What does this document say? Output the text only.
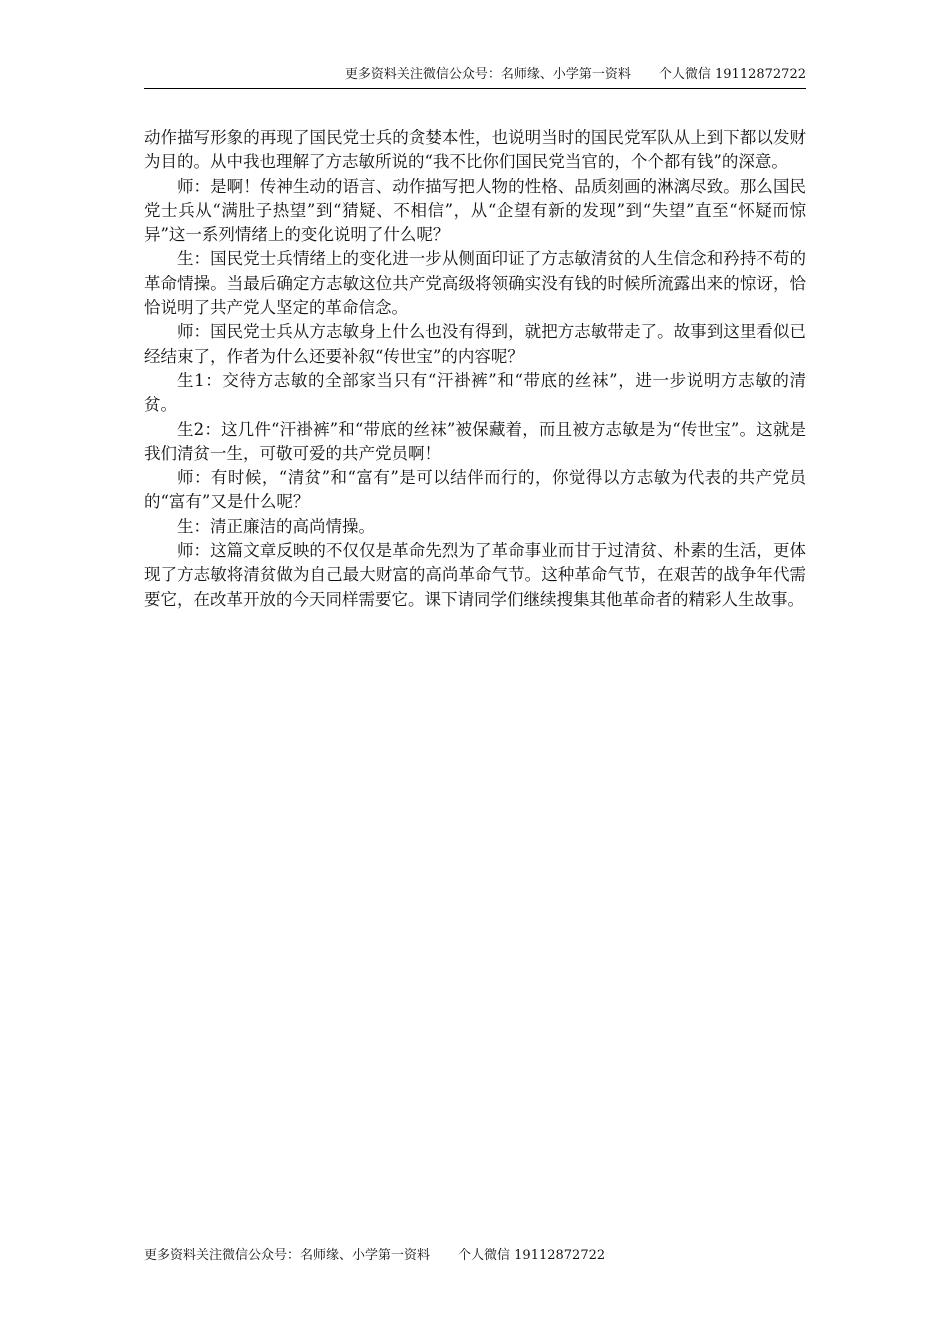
更多资料关注微信公众号：名师缘、小学第一资料 个人微信 19112872722

动作描写形象的再现了国民党士兵的贪婪本性，也说明当时的国民党军队从上到下都以发财为目的。从中我也理解了方志敏所说的“我不比你们国民党当官的，个个都有钱”的深意。

师：是啊！传神生动的语言、动作描写把人物的性格、品质刻画的淋漓尽致。那么国民党士兵从“满肚子热望”到“猜疑、不相信”，从“企望有新的发现”到“失望”直至“怀疑而惊异”这一系列情绪上的变化说明了什么呢？

生：国民党士兵情绪上的变化进一步从侧面印证了方志敏清贫的人生信念和矜持不苟的革命情操。当最后确定方志敏这位共产党高级将领确实没有钱的时候所流露出来的惊讶，恰恰说明了共产党人坚定的革命信念。

师：国民党士兵从方志敏身上什么也没有得到，就把方志敏带走了。故事到这里看似已经结束了，作者为什么还要补叙“传世宝”的内容呢？

生1：交待方志敏的全部家当只有“汗褂裤”和“带底的丝袜”，进一步说明方志敏的清贫。

生2：这几件“汗褂裤”和“带底的丝袜”被保藏着，而且被方志敏是为“传世宝”。这就是我们清贫一生，可敬可爱的共产党员啊！

师：有时候，“清贫”和“富有”是可以结伴而行的，你觉得以方志敏为代表的共产党员的“富有”又是什么呢？

生：清正廉洁的高尚情操。

师：这篇文章反映的不仅仅是革命先烈为了革命事业而甘于过清贫、朴素的生活，更体现了方志敏将清贫做为自己最大财富的高尚革命气节。这种革命气节，在艰苦的战争年代需要它，在改革开放的今天同样需要它。课下请同学们继续搜集其他革命者的精彩人生故事。

更多资料关注微信公众号：名师缘、小学第一资料 个人微信 19112872722
